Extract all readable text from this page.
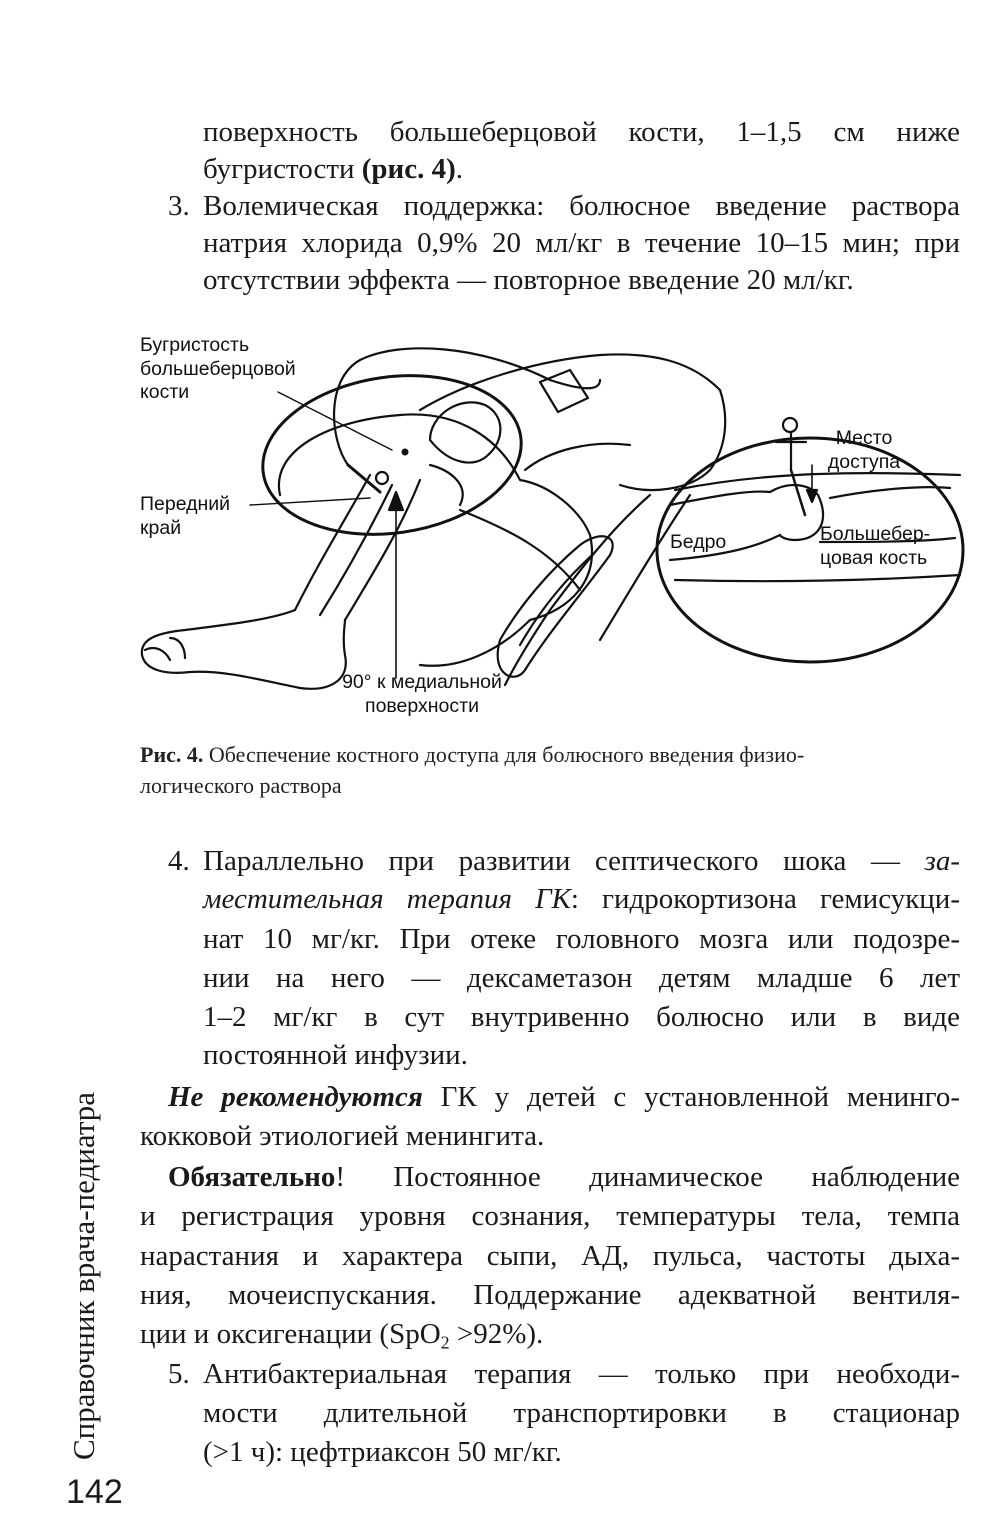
поверхность большеберцовой кости, 1–1,5 см ниже
бугристости (рис. 4).
3. Волемическая поддержка: болюсное введение раствора
натрия хлорида 0,9% 20 мл/кг в течение 10–15 мин; при
отсутствии эффекта — повторное введение 20 мл/кг.
Бугристость
большеберцовой
кости
Передний
край
90° к медиальной
поверхности
Место
доступа
Бедро	Большебер-
цовая кость
Рис. 4. Обеспечение костного доступа для болюсного введения физио-
логического раствора
4. Параллельно при развитии септического шока — за-
местительная терапия ГК: гидрокортизона гемисукци-
нат 10 мг/кг. При отеке головного мозга или подозре-
нии на него — дексаметазон детям младше 6 лет
1–2 мг/кг в сут внутривенно болюсно или в виде
постоянной инфузии.
Не рекомендуются ГК у детей с установленной менинго-
кокковой этиологией менингита.
Обязательно! Постоянное динамическое наблюдение
и регистрация уровня сознания, температуры тела, темпа
нарастания и характера сыпи, АД, пульса, частоты дыха-
ния, мочеиспускания. Поддержание адекватной вентиля-
ции и оксигенации (SpO$_2$ >92%).
5. Антибактериальная терапия — только при необходи-
мости длительной транспортировки в стационар
(>1 ч): цефтриаксон 50 мг/кг.
Справочник врача-педиатра
142
